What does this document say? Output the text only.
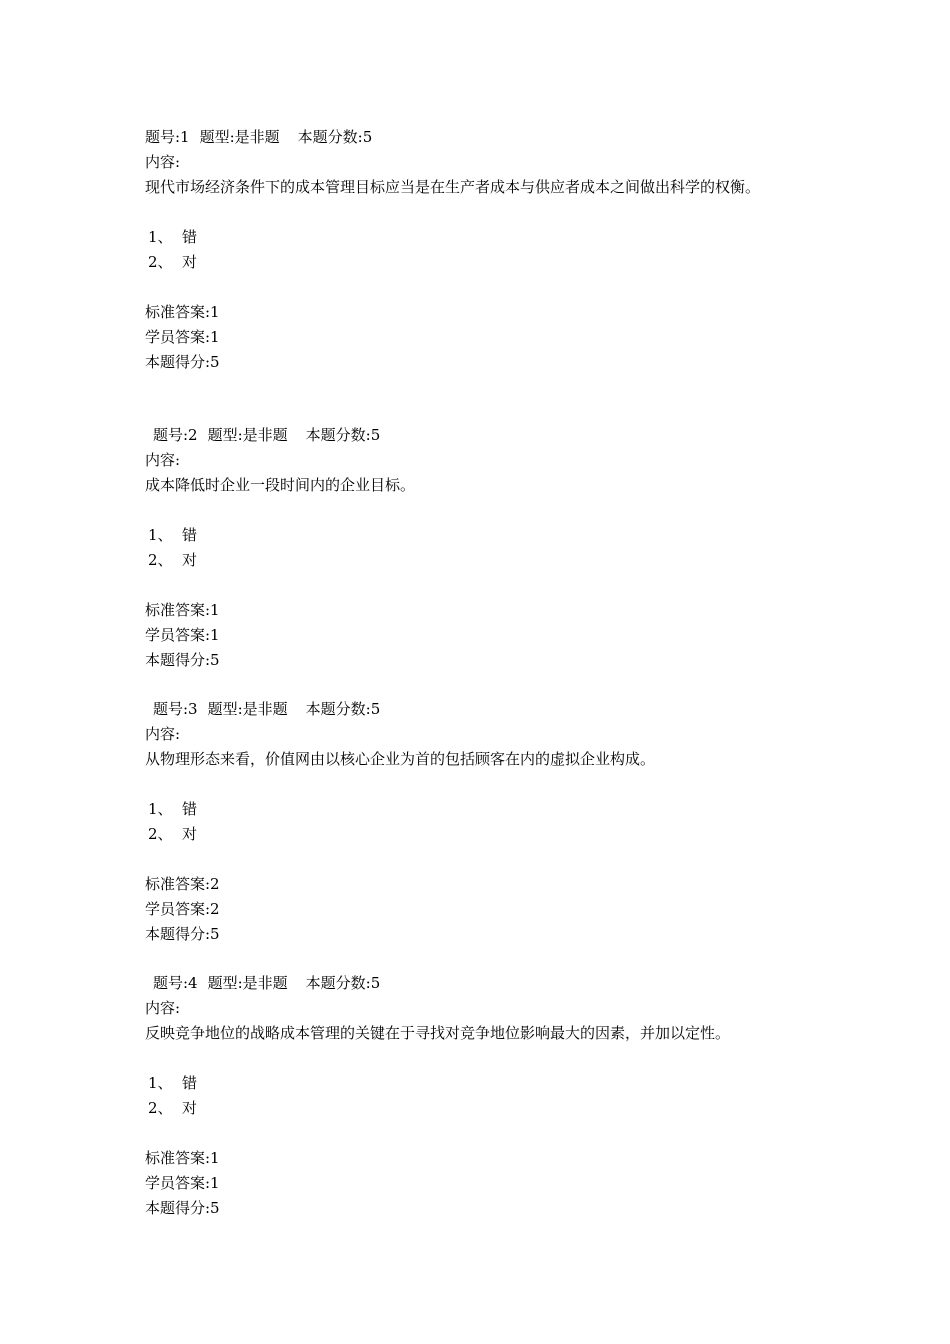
题号:1 题型:是非题 本题分数:5
内容:
现代市场经济条件下的成本管理目标应当是在生产者成本与供应者成本之间做出科学的权衡。
1、 错
2、 对
标准答案:1
学员答案:1
本题得分:5
题号:2 题型:是非题 本题分数:5
内容:
成本降低时企业一段时间内的企业目标。
1、 错
2、 对
标准答案:1
学员答案:1
本题得分:5
题号:3 题型:是非题 本题分数:5
内容:
从物理形态来看，价值网由以核心企业为首的包括顾客在内的虚拟企业构成。
1、 错
2、 对
标准答案:2
学员答案:2
本题得分:5
题号:4 题型:是非题 本题分数:5
内容:
反映竞争地位的战略成本管理的关键在于寻找对竞争地位影响最大的因素，并加以定性。
1、 错
2、 对
标准答案:1
学员答案:1
本题得分:5
